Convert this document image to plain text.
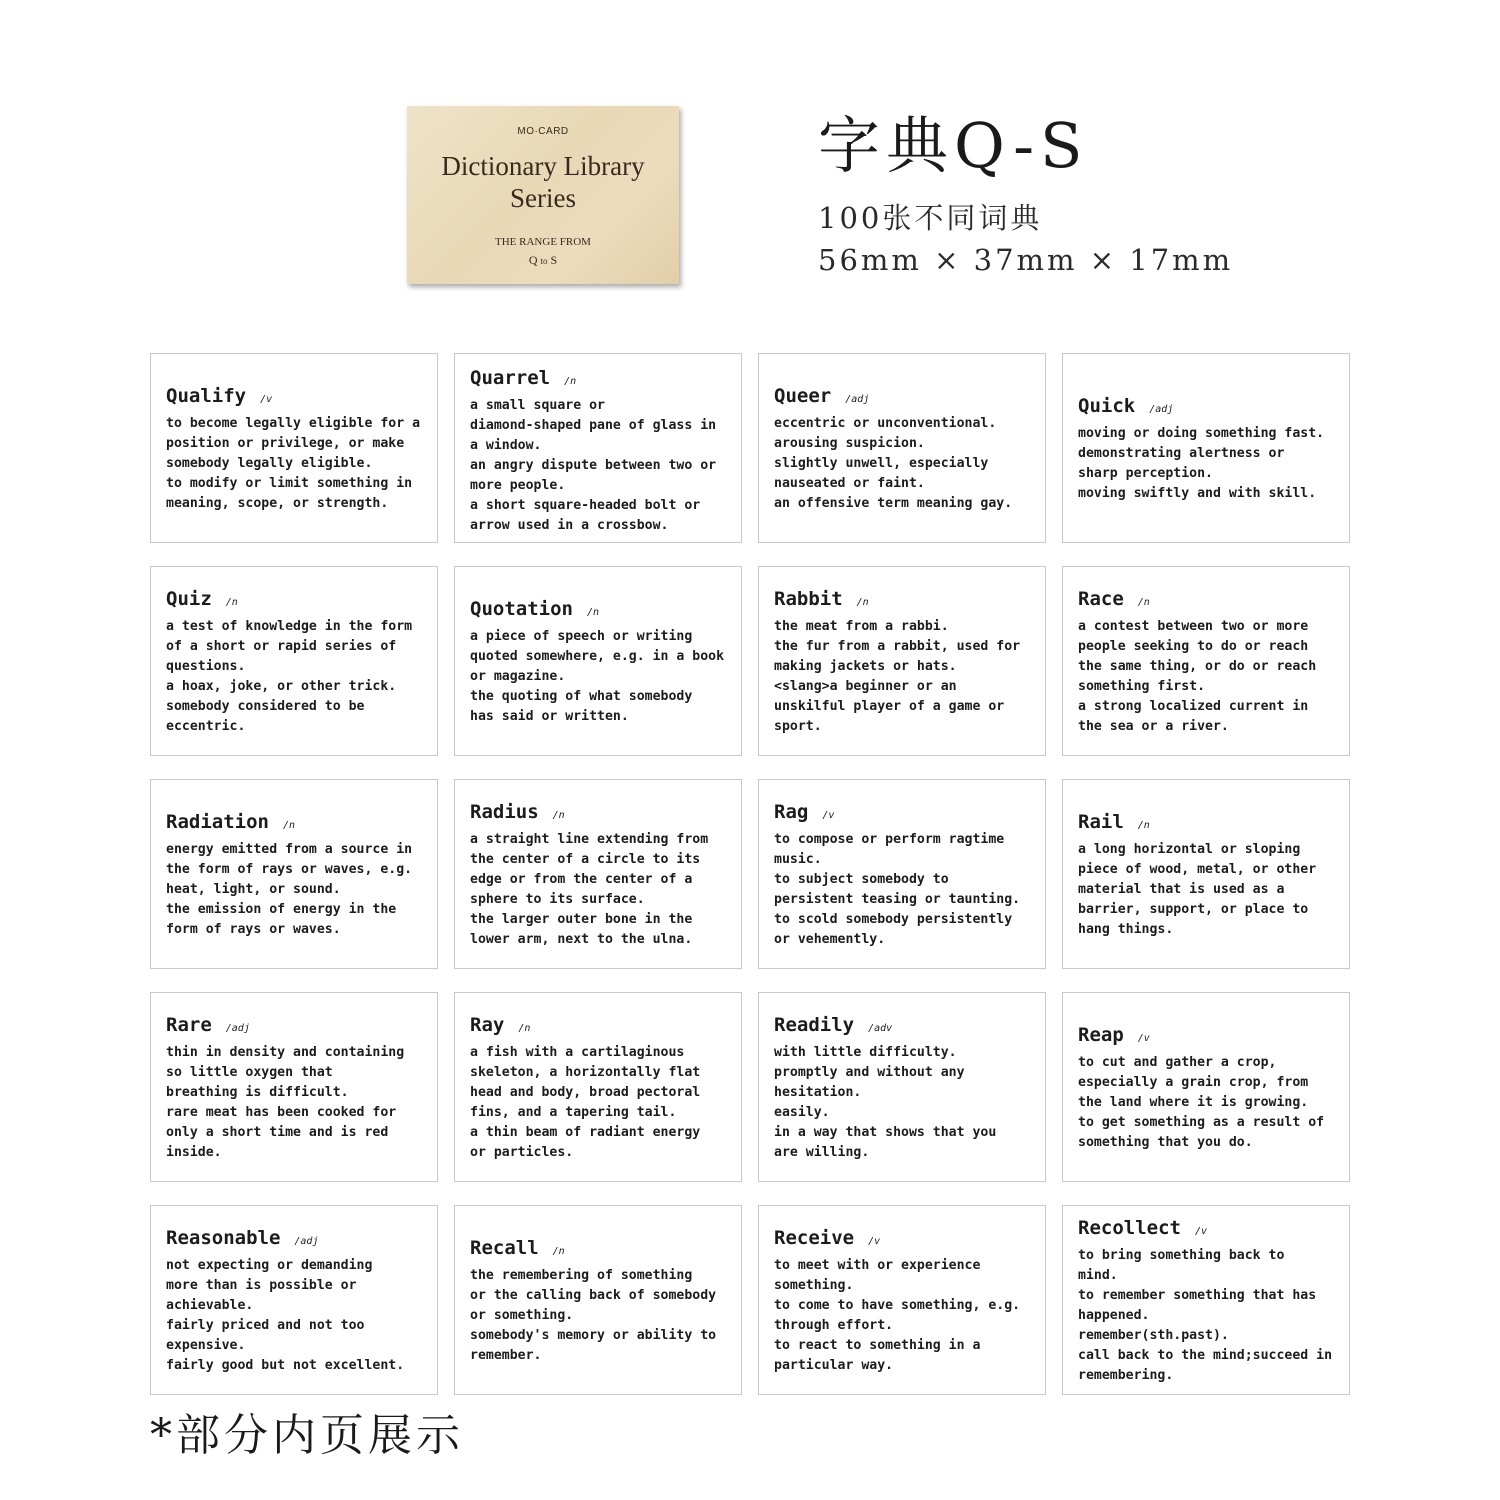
MO·CARD
Dictionary Library
Series
THE RANGE FROM
Q to S
字典Q-S
100张不同词典
56mm × 37mm × 17mm
Qualify /v
to become legally eligible for a
position or privilege, or make
somebody legally eligible.
to modify or limit something in
meaning, scope, or strength.
Quarrel /n
a small square or
diamond-shaped pane of glass in
a window.
an angry dispute between two or
more people.
a short square-headed bolt or
arrow used in a crossbow.
Queer /adj
eccentric or unconventional.
arousing suspicion.
slightly unwell, especially
nauseated or faint.
an offensive term meaning gay.
Quick /adj
moving or doing something fast.
demonstrating alertness or
sharp perception.
moving swiftly and with skill.
Quiz /n
a test of knowledge in the form
of a short or rapid series of
questions.
a hoax, joke, or other trick.
somebody considered to be
eccentric.
Quotation /n
a piece of speech or writing
quoted somewhere, e.g. in a book
or magazine.
the quoting of what somebody
has said or written.
Rabbit /n
the meat from a rabbi.
the fur from a rabbit, used for
making jackets or hats.
<slang>a beginner or an
unskilful player of a game or
sport.
Race /n
a contest between two or more
people seeking to do or reach
the same thing, or do or reach
something first.
a strong localized current in
the sea or a river.
Radiation /n
energy emitted from a source in
the form of rays or waves, e.g.
heat, light, or sound.
the emission of energy in the
form of rays or waves.
Radius /n
a straight line extending from
the center of a circle to its
edge or from the center of a
sphere to its surface.
the larger outer bone in the
lower arm, next to the ulna.
Rag /v
to compose or perform ragtime
music.
to subject somebody to
persistent teasing or taunting.
to scold somebody persistently
or vehemently.
Rail /n
a long horizontal or sloping
piece of wood, metal, or other
material that is used as a
barrier, support, or place to
hang things.
Rare /adj
thin in density and containing
so little oxygen that
breathing is difficult.
rare meat has been cooked for
only a short time and is red
inside.
Ray /n
a fish with a cartilaginous
skeleton, a horizontally flat
head and body, broad pectoral
fins, and a tapering tail.
a thin beam of radiant energy
or particles.
Readily /adv
with little difficulty.
promptly and without any
hesitation.
easily.
in a way that shows that you
are willing.
Reap /v
to cut and gather a crop,
especially a grain crop, from
the land where it is growing.
to get something as a result of
something that you do.
Reasonable /adj
not expecting or demanding
more than is possible or
achievable.
fairly priced and not too
expensive.
fairly good but not excellent.
Recall /n
the remembering of something
or the calling back of somebody
or something.
somebody's memory or ability to
remember.
Receive /v
to meet with or experience
something.
to come to have something, e.g.
through effort.
to react to something in a
particular way.
Recollect /v
to bring something back to
mind.
to remember something that has
happened.
remember(sth.past).
call back to the mind;succeed in
remembering.
*部分内页展示
